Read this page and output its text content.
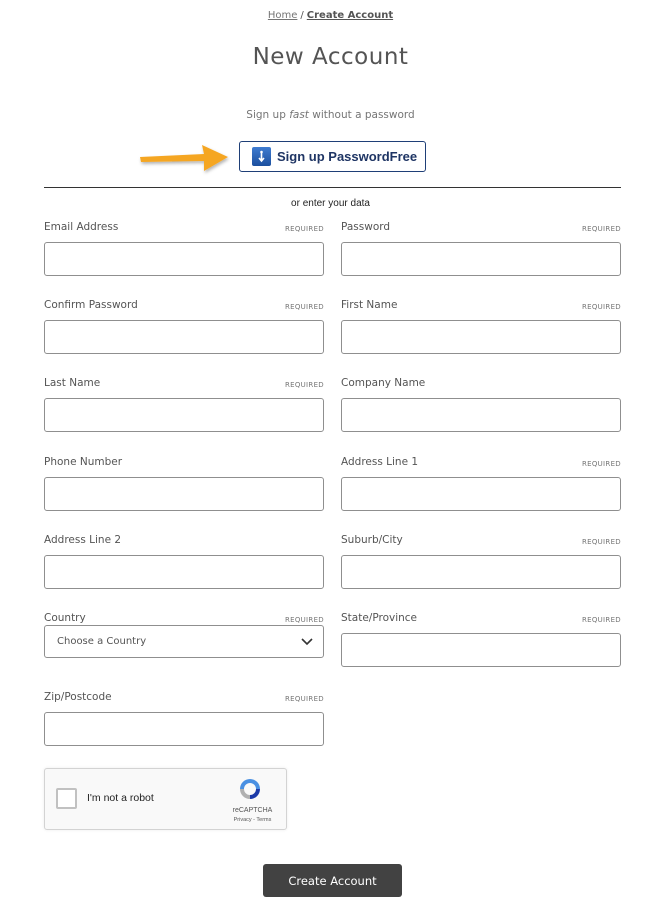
Home / Create Account
New Account
Sign up fast without a password
Sign up PasswordFree
or enter your data
Email Address	REQUIRED Password	REQUIRED
Confirm Password	REQUIRED First Name	REQUIRED
Last Name	REQUIRED Company Name
Phone Number	Address Line 1	REQUIRED
Address Line 2	Suburb/City	REQUIRED
Country	REQUIRED
Choose a Country
State/Province	REQUIRED
Zip/Postcode	REQUIRED
I'm not a robot
reCAPTCHA
Privacy - Terms
Create Account
